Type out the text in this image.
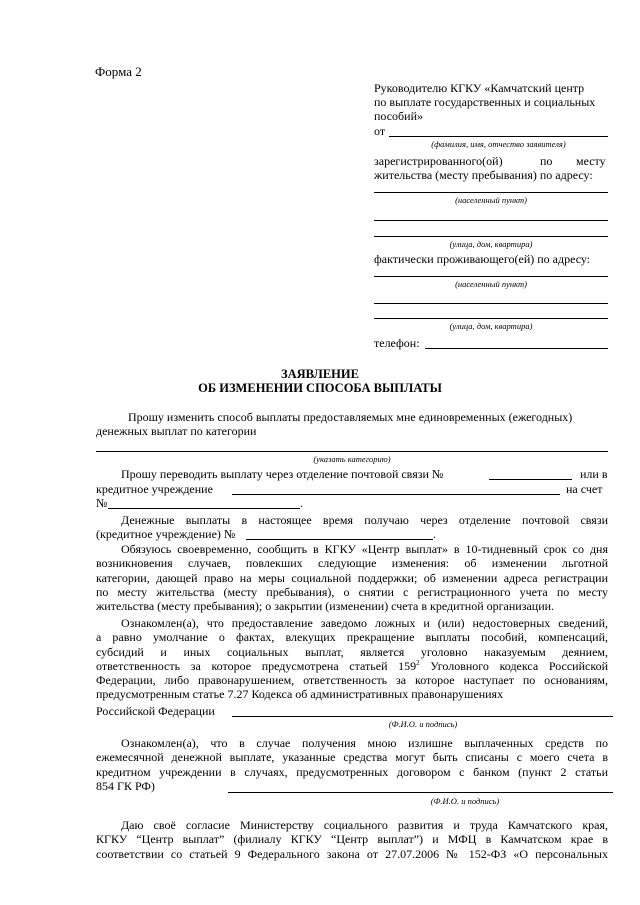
Форма 2
Руководителю КГКУ «Камчатский центр
по выплате государственных и социальных
пособий»
от
(фамилия, имя, отчество заявителя)
зарегистрированного(ой)	по месту
жительства (месту пребывания) по адресу:
(населенный пункт)
(улица, дом, квартира)
фактически проживающего(ей) по адресу:
(населенный пункт)
(улица, дом, квартира)
телефон:
ЗАЯВЛЕНИЕ
ОБ ИЗМЕНЕНИИ СПОСОБА ВЫПЛАТЫ
Прошу изменить способ выплаты предоставляемых мне единовременных (ежегодных)
денежных выплат по категории
(указать категорию)
Прошу переводить выплату через отделение почтовой связи №	или в
кредитное учреждение	на счет
№	.
Денежные выплаты в настоящее время получаю через отделение почтовой связи
(кредитное учреждение) №	.
Обязуюсь своевременно, сообщить в КГКУ «Центр выплат» в 10-тидневный срок со дня
возникновения случаев, повлекших следующие изменения: об изменении льготной
категории, дающей право на меры социальной поддержки; об изменении адреса регистрации
по месту жительства (месту пребывания), о снятии с регистрационного учета по месту
жительства (месту пребывания); о закрытии (изменении) счета в кредитной организации.
Ознакомлен(а), что предоставление заведомо ложных и (или) недостоверных сведений,
а равно умолчание о фактах, влекущих прекращение выплаты пособий, компенсаций,
субсидий и иных социальных выплат, является уголовно наказуемым деянием,
ответственность за которое предусмотрена статьей $159^2$ Уголовного кодекса Российской
Федерации, либо правонарушением, ответственность за которое наступает по основаниям,
предусмотренным статье 7.27 Кодекса об административных правонарушениях
Российской Федерации
(Ф.И.О. и подпись)
Ознакомлен(а), что в случае получения мною излишне выплаченных средств по
ежемесячной денежной выплате, указанные средства могут быть списаны с моего счета в
кредитном учреждении в случаях, предусмотренных договором с банком (пункт 2 статьи
854 ГК РФ)
(Ф.И.О. и подпись)
Даю своё согласие Министерству социального развития и труда Камчатского края,
КГКУ “Центр выплат” (филиалу КГКУ “Центр выплат”) и МФЦ в Камчатском крае в
соответствии со статьей 9 Федерального закона от 27.07.2006 № 152-ФЗ «О персональных
